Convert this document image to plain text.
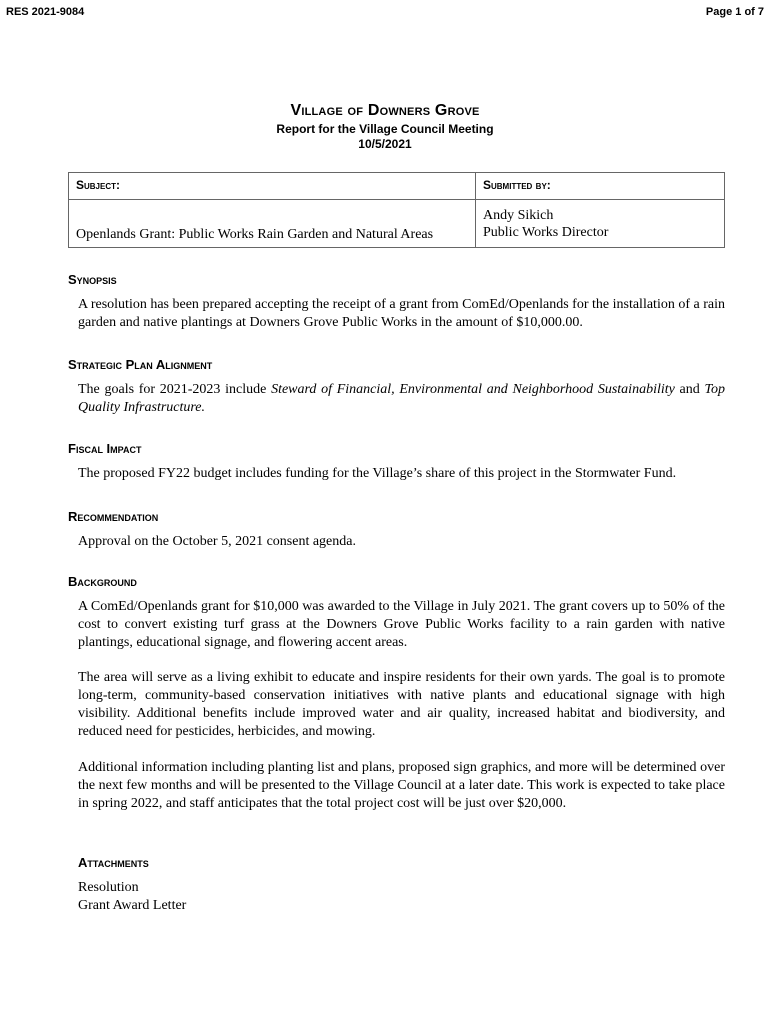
RES 2021-9084	Page 1 of 7
Village of Downers Grove
Report for the Village Council Meeting
10/5/2021
Subject:	Submitted by:
Openlands Grant: Public Works Rain Garden and Natural Areas	Andy Sikich
Public Works Director
Synopsis
A resolution has been prepared accepting the receipt of a grant from ComEd/Openlands for the installation of a rain garden and native plantings at Downers Grove Public Works in the amount of $10,000.00.
Strategic Plan Alignment
The goals for 2021-2023 include Steward of Financial, Environmental and Neighborhood Sustainability and Top Quality Infrastructure.
Fiscal Impact
The proposed FY22 budget includes funding for the Village’s share of this project in the Stormwater Fund.
Recommendation
Approval on the October 5, 2021 consent agenda.
Background
A ComEd/Openlands grant for $10,000 was awarded to the Village in July 2021. The grant covers up to 50% of the cost to convert existing turf grass at the Downers Grove Public Works facility to a rain garden with native plantings, educational signage, and flowering accent areas.
The area will serve as a living exhibit to educate and inspire residents for their own yards. The goal is to promote long-term, community-based conservation initiatives with native plants and educational signage with high visibility. Additional benefits include improved water and air quality, increased habitat and biodiversity, and reduced need for pesticides, herbicides, and mowing.
Additional information including planting list and plans, proposed sign graphics, and more will be determined over the next few months and will be presented to the Village Council at a later date. This work is expected to take place in spring 2022, and staff anticipates that the total project cost will be just over $20,000.
Attachments
Resolution
Grant Award Letter
